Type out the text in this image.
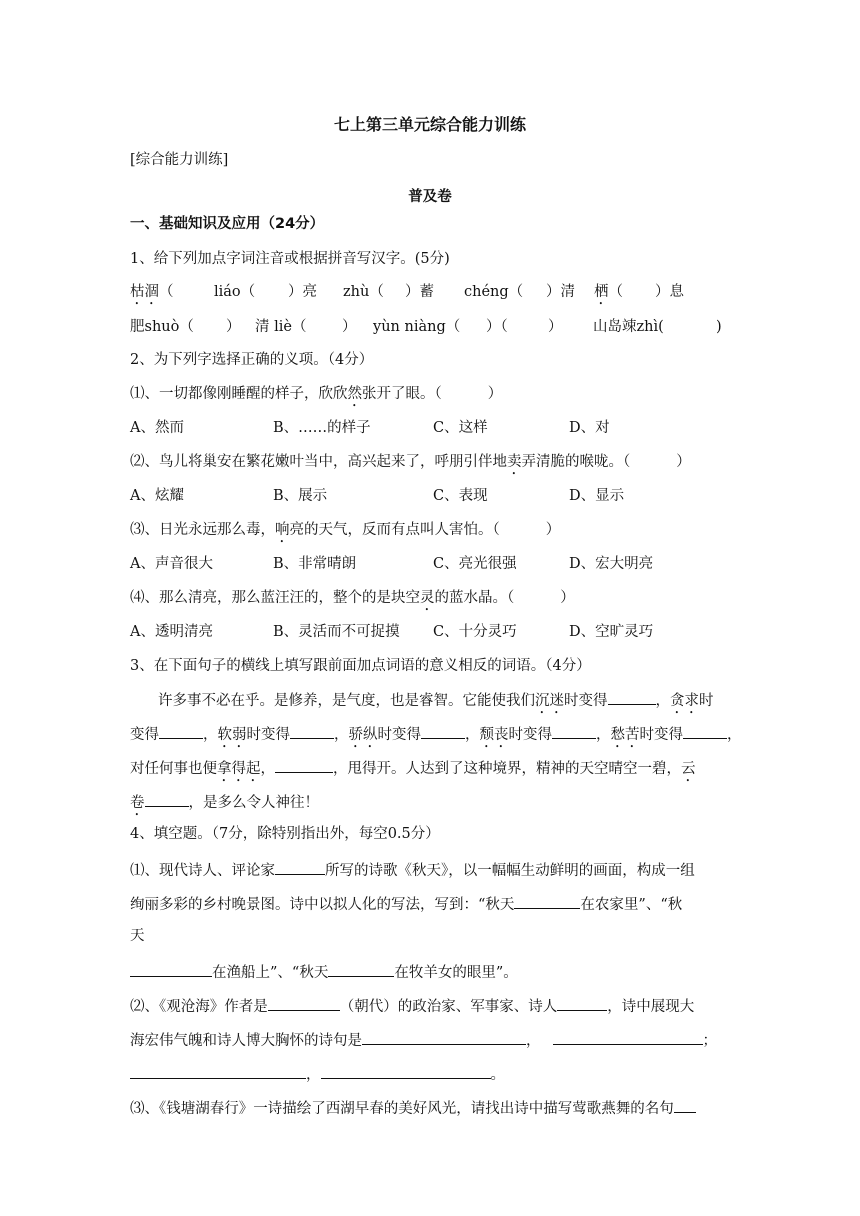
七上第三单元综合能力训练
[综合能力训练]
普及卷
一、基础知识及应用（24分）
1、给下列加点字词注音或根据拼音写汉字。(5分)
枯涸（	liáo（ ）亮 zhù（ ）蓄 chéng（ ）清 栖（ ）息
肥shuò（ ） 清 liè（ ） yùn niàng（ ）（	） 山岛竦zhì(	)
2、为下列字选择正确的义项。（4分）
⑴、一切都像刚睡醒的样子，欣欣然张开了眼。（	）
A、然而	B、……的样子	C、这样	D、对
⑵、鸟儿将巢安在繁花嫩叶当中，高兴起来了，呼朋引伴地卖弄清脆的喉咙。（	）
A、炫耀	B、展示	C、表现	D、显示
⑶、日光永远那么毒，响亮的天气，反而有点叫人害怕。（	）
A、声音很大	B、非常晴朗	C、亮光很强	D、宏大明亮
⑷、那么清亮，那么蓝汪汪的，整个的是块空灵的蓝水晶。（	）
A、透明清亮	B、灵活而不可捉摸 C、十分灵巧	D、空旷灵巧
3、在下面句子的横线上填写跟前面加点词语的意义相反的词语。（4分）
许多事不必在乎。是修养，是气度，也是睿智。它能使我们沉迷时变得	，贪求时
变得	，软弱时变得	，骄纵时变得	，颓丧时变得	，愁苦时变得	，
对任何事也便拿得起，	，甩得开。人达到了这种境界，精神的天空晴空一碧，云
卷	，是多么令人神往！
4、填空题。（7分，除特别指出外，每空0.5分）
⑴、现代诗人、评论家	所写的诗歌《秋天》，以一幅幅生动鲜明的画面，构成一组
绚丽多彩的乡村晚景图。诗中以拟人化的写法，写到：“秋天	在农家里”、“秋
天
在渔船上”、“秋天	在牧羊女的眼里”。
⑵、《观沧海》作者是	（朝代）的政治家、军事家、诗人	，诗中展现大
海宏伟气魄和诗人博大胸怀的诗句是	，	；
，	。
⑶、《钱塘湖春行》一诗描绘了西湖早春的美好风光，请找出诗中描写莺歌燕舞的名句
